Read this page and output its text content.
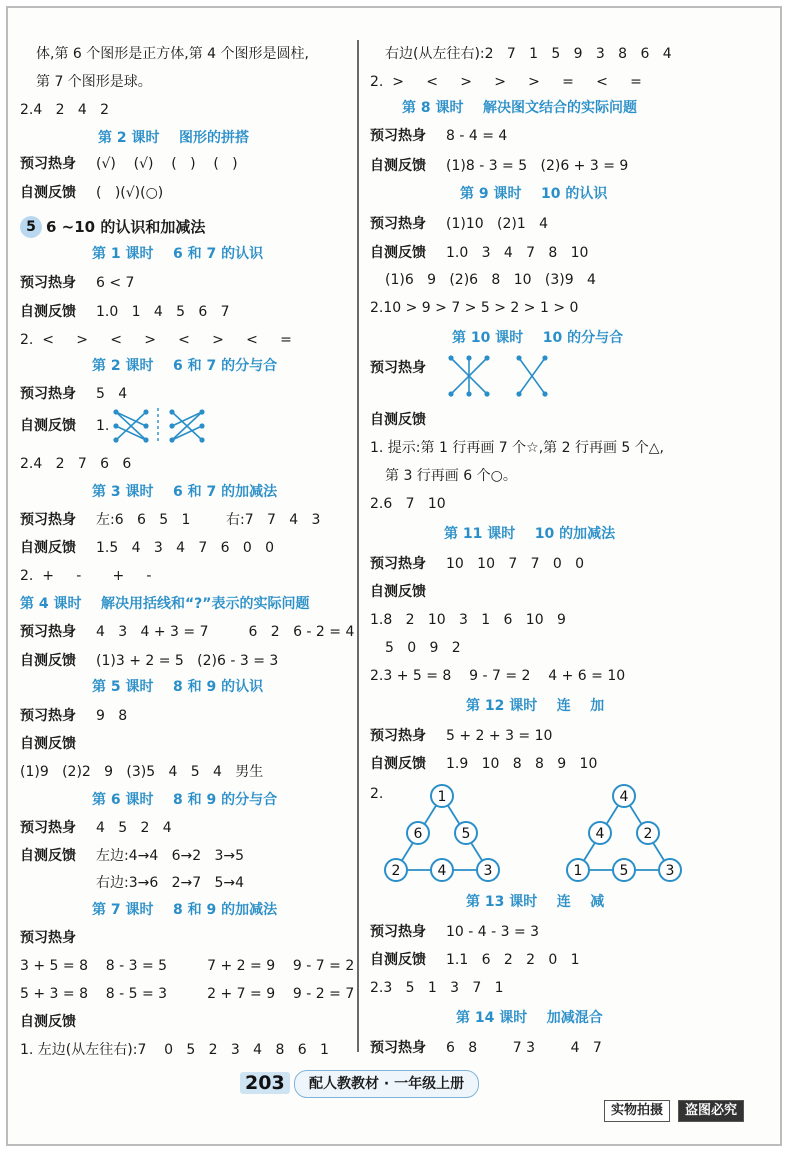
体,第 6 个图形是正方体,第 4 个图形是圆柱,
第 7 个图形是球。
2.4   2   4   2
第 2 课时    图形的拼搭
预习热身 (√)    (√)    (   )    (   )
自测反馈 (   )(√)(○)
5 6 ~10 的认识和加减法
第 1 课时    6 和 7 的认识
预习热身 6 < 7
自测反馈 1.0   1   4   5   6   7
2.  <     >     <     >     <     >     <     =
第 2 课时    6 和 7 的分与合
预习热身 5   4
自测反馈 1.
2.4   2   7   6   6
第 3 课时    6 和 7 的加减法
预习热身 左:6   6   5   1        右:7   7   4   3
自测反馈 1.5   4   3   4   7   6   0   0
2.  +     -       +     -
第 4 课时    解决用括线和“?”表示的实际问题
预习热身 4   3   4 + 3 = 7         6   2   6 - 2 = 4
自测反馈 (1)3 + 2 = 5   (2)6 - 3 = 3
第 5 课时    8 和 9 的认识
预习热身 9   8
自测反馈
(1)9   (2)2   9   (3)5   4   5   4   男生
第 6 课时    8 和 9 的分与合
预习热身 4   5   2   4
自测反馈 左边:4→4   6→2   3→5
右边:3→6   2→7   5→4
第 7 课时    8 和 9 的加减法
预习热身
3 + 5 = 8    8 - 3 = 5         7 + 2 = 9    9 - 7 = 2
5 + 3 = 8    8 - 5 = 3         2 + 7 = 9    9 - 2 = 7
自测反馈
1. 左边(从左往右):7    0   5   2   3   4   8   6   1
右边(从左往右):2   7   1   5   9   3   8   6   4
2.  >     <     >     >     >     =     <     =
第 8 课时    解决图文结合的实际问题
预习热身 8 - 4 = 4
自测反馈 (1)8 - 3 = 5   (2)6 + 3 = 9
第 9 课时    10 的认识
预习热身 (1)10   (2)1   4
自测反馈 1.0   3   4   7   8   10
(1)6   9   (2)6   8   10   (3)9   4
2.10 > 9 > 7 > 5 > 2 > 1 > 0
第 10 课时    10 的分与合
预习热身
自测反馈
1. 提示:第 1 行再画 7 个☆,第 2 行再画 5 个△,
第 3 行再画 6 个○。
2.6   7   10
第 11 课时    10 的加减法
预习热身 10   10   7   7   0   0
自测反馈
1.8   2   10   3   1   6   10   9
5   0   9   2
2.3 + 5 = 8    9 - 7 = 2    4 + 6 = 10
第 12 课时    连    加
预习热身 5 + 2 + 3 = 10
自测反馈 1.9   10   8   8   9   10
2.	1
6	5
2	4	3
4
4	2
1	5	3
第 13 课时    连    减
预习热身 10 - 4 - 3 = 3
自测反馈 1.1   6   2   2   0   1
2.3   5   1   3   7   1
第 14 课时    加减混合
预习热身 6   8        7 3        4   7
203	配人教教材 · 一年级上册
实物拍摄	盗图必究
